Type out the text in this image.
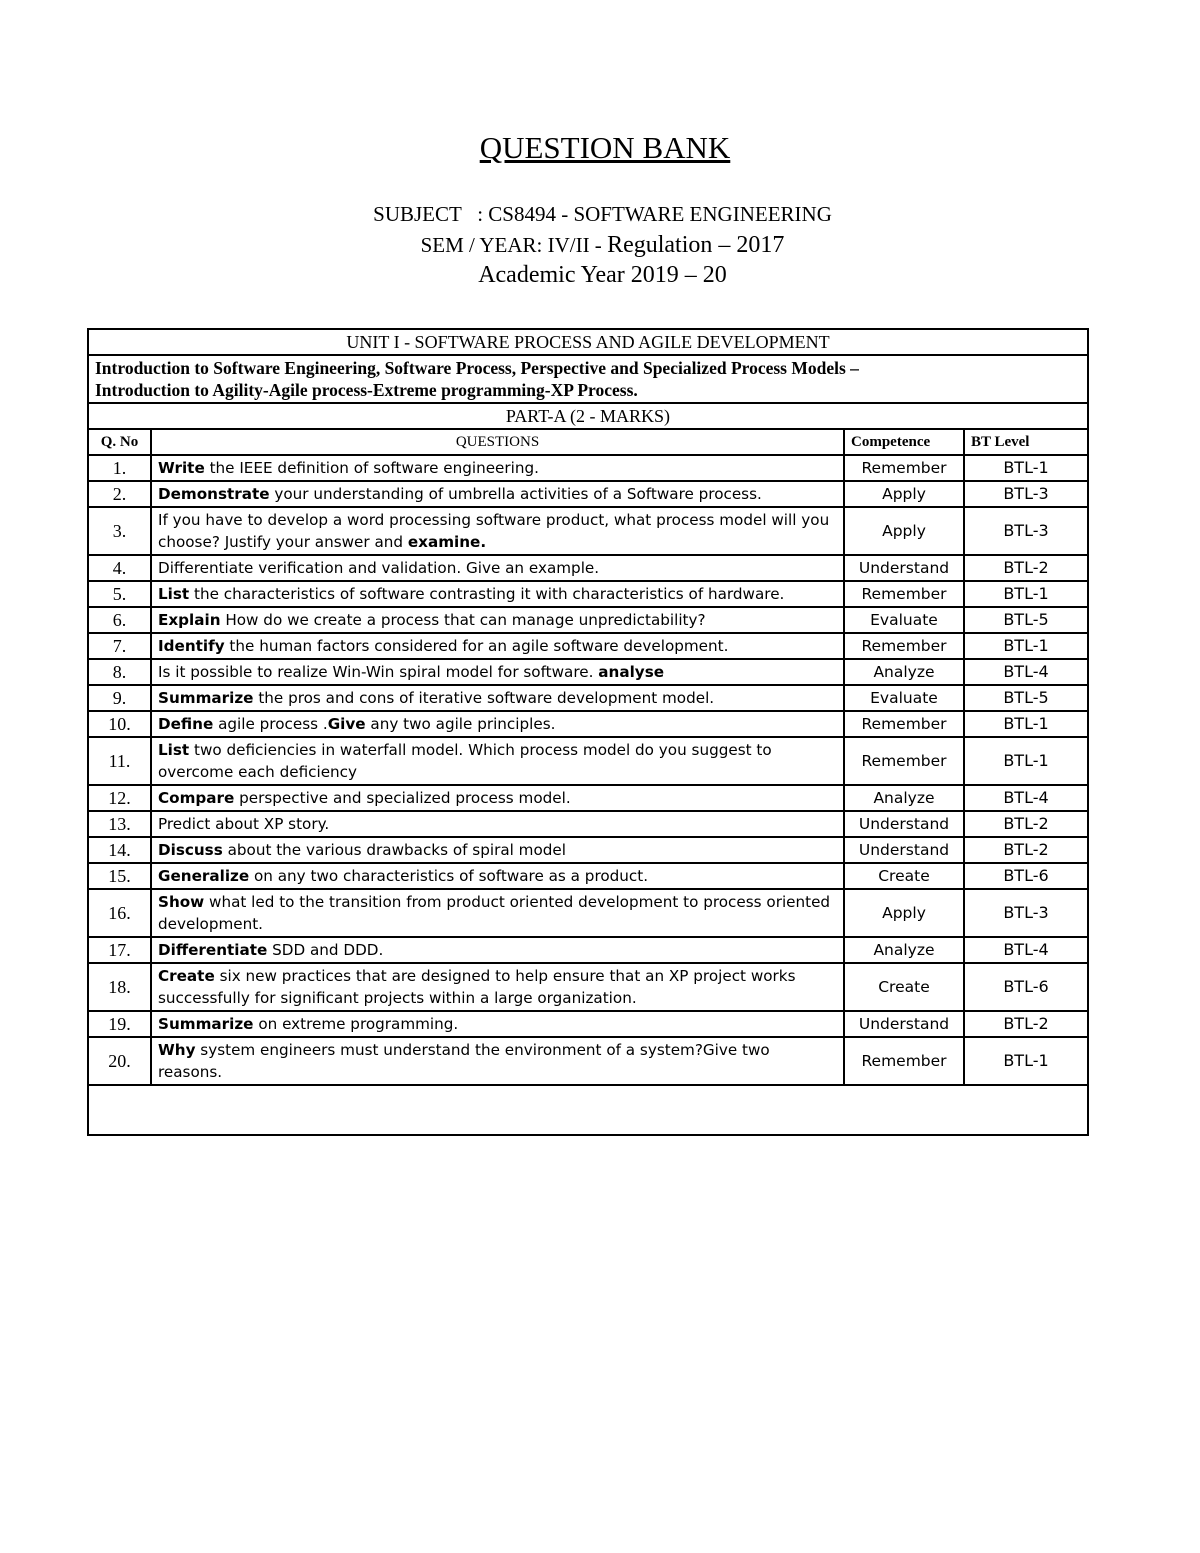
QUESTION BANK
SUBJECT   : CS8494 - SOFTWARE ENGINEERING
SEM / YEAR: IV/II - Regulation – 2017
Academic Year 2019 – 20
UNIT I - SOFTWARE PROCESS AND AGILE DEVELOPMENT			
Introduction to Software Engineering, Software Process, Perspective and Specialized Process Models –
Introduction to Agility-Agile process-Extreme programming-XP Process.			
PART-A (2 - MARKS)			
Q. No	QUESTIONS	Competence	BT Level
1.	Write the IEEE definition of software engineering.	Remember	BTL-1
2.	Demonstrate your understanding of umbrella activities of a Software process.	Apply	BTL-3
3.	If you have to develop a word processing software product, what process model will you choose? Justify your answer and examine.	Apply	BTL-3
4.	Differentiate verification and validation. Give an example.	Understand	BTL-2
5.	List the characteristics of software contrasting it with characteristics of hardware.	Remember	BTL-1
6.	Explain How do we create a process that can manage unpredictability?	Evaluate	BTL-5
7.	Identify the human factors considered for an agile software development.	Remember	BTL-1
8.	Is it possible to realize Win-Win spiral model for software. analyse	Analyze	BTL-4
9.	Summarize the pros and cons of iterative software development model.	Evaluate	BTL-5
10.	Define agile process .Give any two agile principles.	Remember	BTL-1
11.	List two deficiencies in waterfall model. Which process model do you suggest to overcome each deficiency	Remember	BTL-1
12.	Compare perspective and specialized process model.	Analyze	BTL-4
13.	Predict about XP story.	Understand	BTL-2
14.	Discuss about the various drawbacks of spiral model	Understand	BTL-2
15.	Generalize on any two characteristics of software as a product.	Create	BTL-6
16.	Show what led to the transition from product oriented development to process oriented development.	Apply	BTL-3
17.	Differentiate SDD and DDD.	Analyze	BTL-4
18.	Create six new practices that are designed to help ensure that an XP project works successfully for significant projects within a large organization.	Create	BTL-6
19.	Summarize on extreme programming.	Understand	BTL-2
20.	Why system engineers must understand the environment of a system?Give two reasons.	Remember	BTL-1
